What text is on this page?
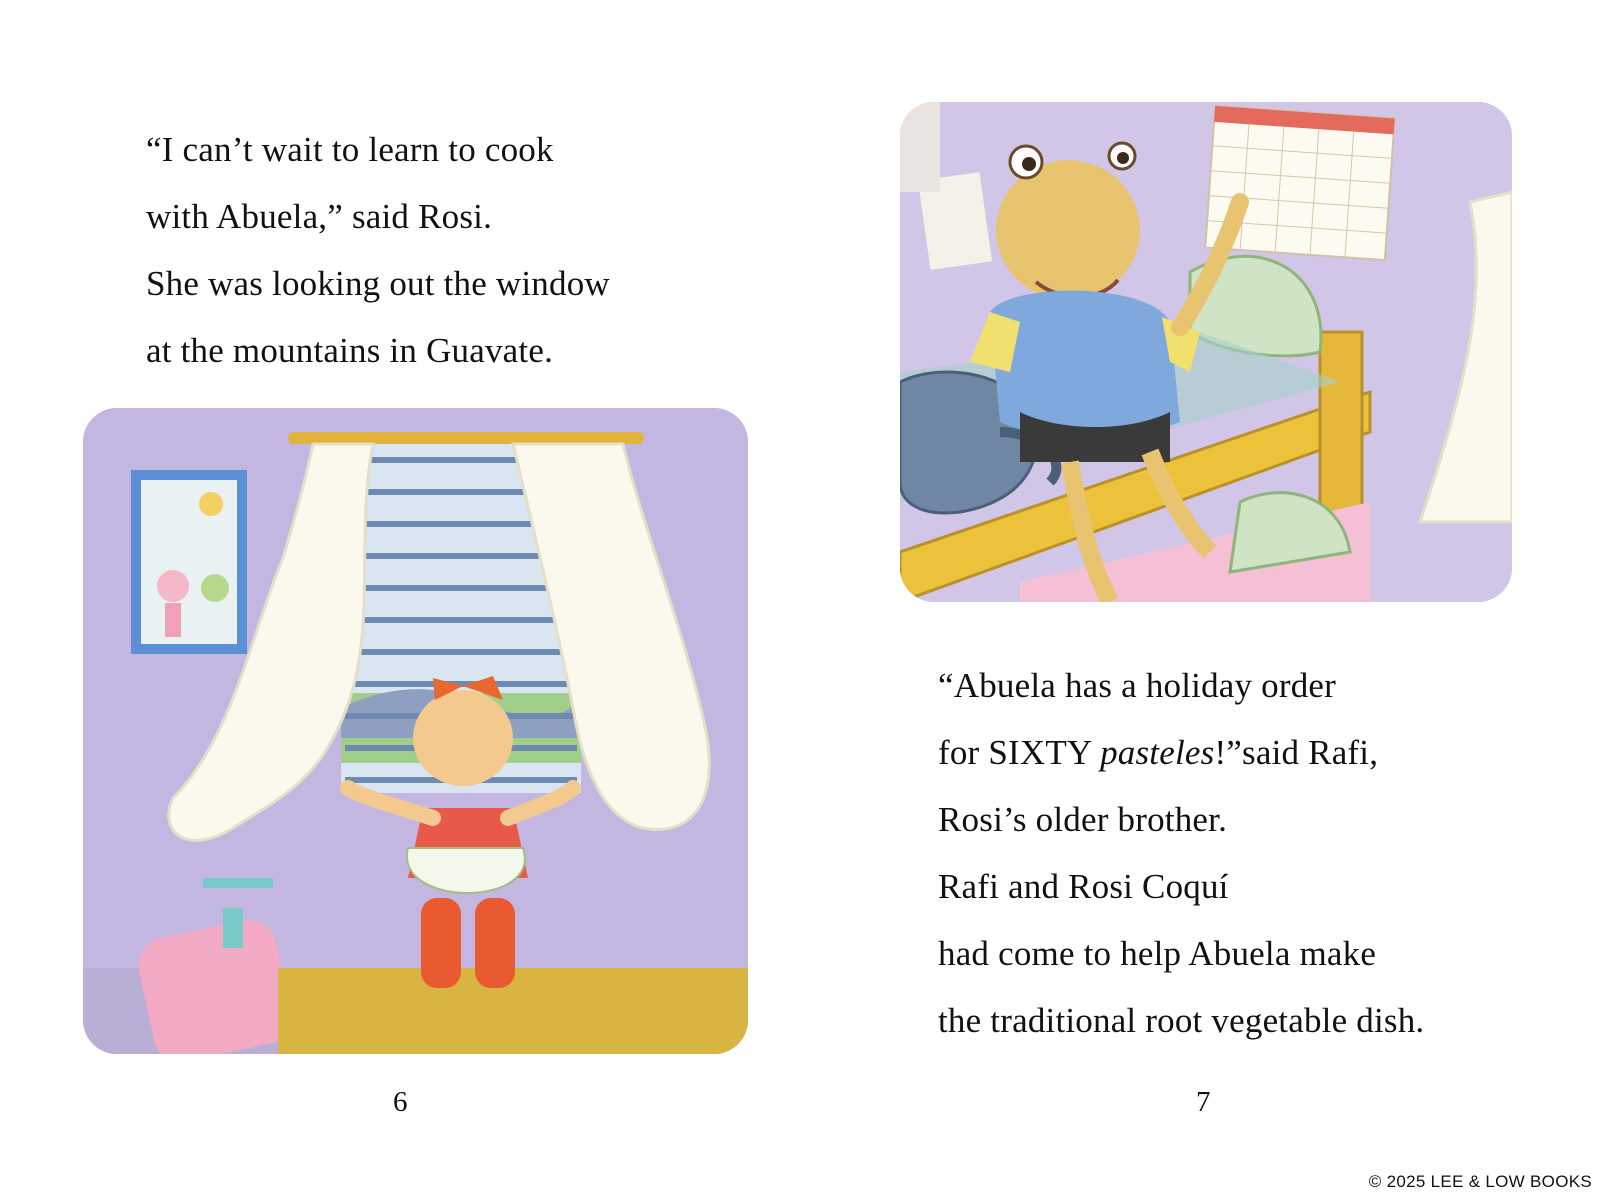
“I can’t wait to learn to cook
with Abuela,” said Rosi.
She was looking out the window
at the mountains in Guavate.
6
“Abuela has a holiday order
for SIXTY pasteles!”said Rafi,
Rosi’s older brother.
Rafi and Rosi Coquí
had come to help Abuela make
the traditional root vegetable dish.
7
© 2025 LEE & LOW BOOKS
